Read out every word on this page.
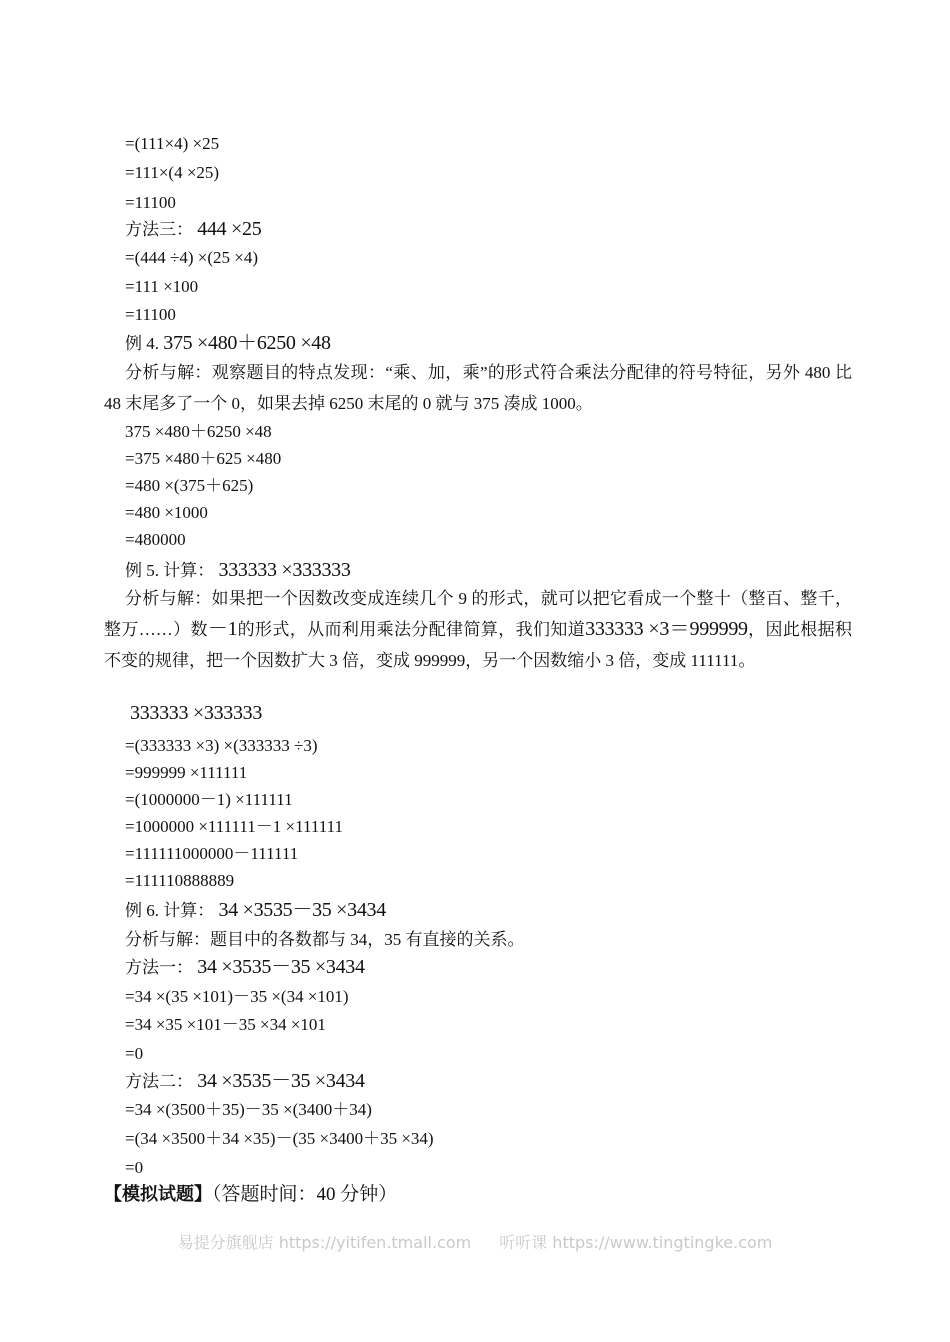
=(111×4) ×25
=111×(4 ×25)
=11100
方法三： 444 ×25
=(444 ÷4) ×(25 ×4)
=111 ×100
=11100
例 4. 375 ×480＋6250 ×48
分析与解：观察题目的特点发现：“乘、加，乘”的形式符合乘法分配律的符号特征，另外 480 比 48 末尾多了一个 0，如果去掉 6250 末尾的 0 就与 375 凑成 1000。
375 ×480＋6250 ×48
=375 ×480＋625 ×480
=480 ×(375＋625)
=480 ×1000
=480000
例 5. 计算： 333333 ×333333
分析与解：如果把一个因数改变成连续几个 9 的形式，就可以把它看成一个整十（整百、整千，整万……）数－1的形式，从而利用乘法分配律简算，我们知道333333 ×3＝999999，因此根据积不变的规律，把一个因数扩大 3 倍，变成 999999，另一个因数缩小 3 倍，变成 111111。
333333 ×333333
=(333333 ×3) ×(333333 ÷3)
=999999 ×111111
=(1000000－1) ×111111
=1000000 ×111111－1 ×111111
=111111000000－111111
=111110888889
例 6. 计算： 34 ×3535－35 ×3434
分析与解：题目中的各数都与 34，35 有直接的关系。
方法一： 34 ×3535－35 ×3434
=34 ×(35 ×101)－35 ×(34 ×101)
=34 ×35 ×101－35 ×34 ×101
=0
方法二： 34 ×3535－35 ×3434
=34 ×(3500＋35)－35 ×(3400＋34)
=(34 ×3500＋34 ×35)－(35 ×3400＋35 ×34)
=0
【模拟试题】（答题时间：40 分钟）
易提分旗舰店 https://yitifen.tmall.com 听听课 https://www.tingtingke.com
